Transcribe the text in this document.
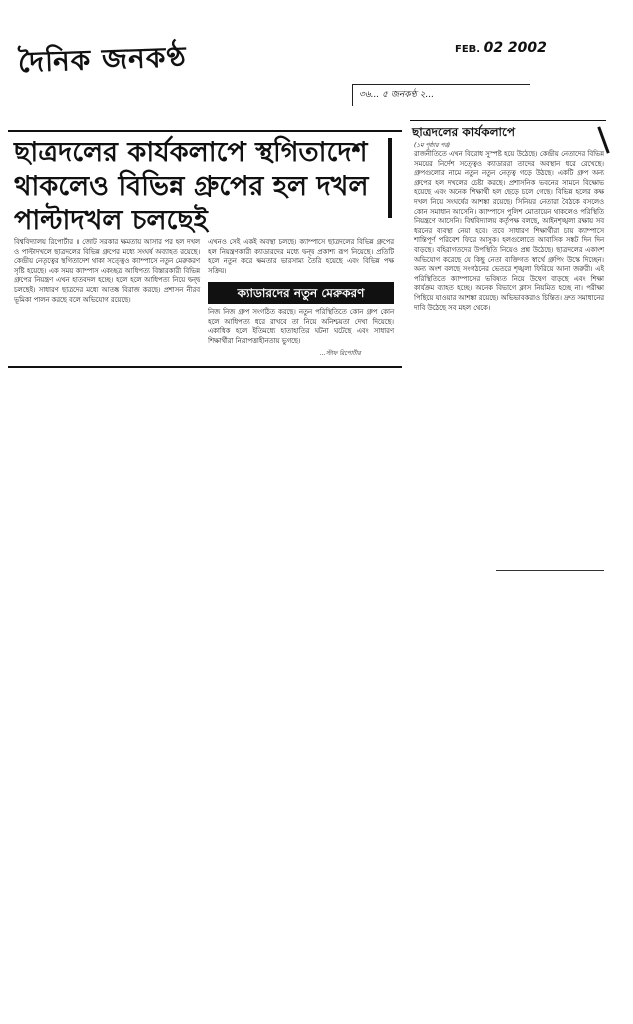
দৈনিক জনকণ্ঠ	FEB. 02 2002
৩৬... ৫ জনকণ্ঠ ২...
ছাত্রদলের কার্যকলাপে স্থগিতাদেশ থাকলেও বিভিন্ন গ্রুপের হল দখল পাল্টাদখল চলছেই
বিশ্ববিদ্যালয় রিপোর্টার ॥ জোট সরকার ক্ষমতায় আসার পর হল দখল ও পাল্টাদখলে ছাত্রদলের বিভিন্ন গ্রুপের মধ্যে সংঘর্ষ অব্যাহত রয়েছে। কেন্দ্রীয় নেতৃত্বের স্থগিতাদেশ থাকা সত্ত্বেও ক্যাম্পাসে নতুন মেরুকরণ সৃষ্টি হয়েছে। এক সময় ক্যাম্পাস একচ্ছত্র আধিপত্য বিস্তারকারী বিভিন্ন গ্রুপের নিয়ন্ত্রণ এখন হাতবদল হচ্ছে। হলে হলে আধিপত্য নিয়ে দ্বন্দ্ব চলছেই। সাধারণ ছাত্রদের মধ্যে আতঙ্ক বিরাজ করছে। প্রশাসন নীরব ভূমিকা পালন করছে বলে অভিযোগ রয়েছে।
এখনও সেই একই অবস্থা চলছে। ক্যাম্পাসে ছাত্রদলের বিভিন্ন গ্রুপের হল নিয়ন্ত্রণকারী ক্যাডারদের মধ্যে দ্বন্দ্ব প্রকাশ্য রূপ নিয়েছে। প্রতিটি হলে নতুন করে ক্ষমতার ভারসাম্য তৈরি হয়েছে এবং বিভিন্ন পক্ষ সক্রিয়।
ক্যাডারদের নতুন মেরুকরণ
নিজ নিজ গ্রুপ সংগঠিত করছে। নতুন পরিস্থিতিতে কোন গ্রুপ কোন হলে আধিপত্য ধরে রাখবে তা নিয়ে অনিশ্চয়তা দেখা দিয়েছে। একাধিক হলে ইতিমধ্যে হাতাহাতির ঘটনা ঘটেছে এবং সাধারণ শিক্ষার্থীরা নিরাপত্তাহীনতায় ভুগছে।
...স্টাফ রিপোর্টার
ছাত্রদলের কার্যকলাপে
(১ম পৃষ্ঠার পর)
রাজনীতিতে এখন বিরোধ সুস্পষ্ট হয়ে উঠেছে। কেন্দ্রীয় নেতাদের বিভিন্ন সময়ের নির্দেশ সত্ত্বেও ক্যাডাররা তাদের অবস্থান ধরে রেখেছে। গ্রুপগুলোর নামে নতুন নতুন নেতৃত্ব গড়ে উঠছে। একটি গ্রুপ অন্য গ্রুপের হল দখলের চেষ্টা করছে। প্রশাসনিক ভবনের সামনে বিক্ষোভ হয়েছে এবং অনেক শিক্ষার্থী হল ছেড়ে চলে গেছে। বিভিন্ন হলের কক্ষ দখল নিয়ে সংঘর্ষের আশঙ্কা রয়েছে। সিনিয়র নেতারা বৈঠকে বসলেও কোন সমাধান আসেনি। ক্যাম্পাসে পুলিশ মোতায়েন থাকলেও পরিস্থিতি নিয়ন্ত্রণে আসেনি। বিশ্ববিদ্যালয় কর্তৃপক্ষ বলছে, আইনশৃঙ্খলা রক্ষায় সব ধরনের ব্যবস্থা নেয়া হবে। তবে সাধারণ শিক্ষার্থীরা চায় ক্যাম্পাসে শান্তিপূর্ণ পরিবেশ ফিরে আসুক। হলগুলোতে আবাসিক সঙ্কট দিন দিন বাড়ছে। বহিরাগতদের উপস্থিতি নিয়েও প্রশ্ন উঠেছে। ছাত্রদলের একাংশ অভিযোগ করেছে যে কিছু নেতা ব্যক্তিগত স্বার্থে গ্রুপিং উস্কে দিচ্ছেন। অন্য অংশ বলছে সংগঠনের ভেতরে শৃঙ্খলা ফিরিয়ে আনা জরুরী। এই পরিস্থিতিতে ক্যাম্পাসের ভবিষ্যত নিয়ে উদ্বেগ বাড়ছে এবং শিক্ষা কার্যক্রম ব্যাহত হচ্ছে। অনেক বিভাগে ক্লাস নিয়মিত হচ্ছে না। পরীক্ষা পিছিয়ে যাওয়ার আশঙ্কা রয়েছে। অভিভাবকরাও চিন্তিত। দ্রুত সমাধানের দাবি উঠেছে সব মহল থেকে।
